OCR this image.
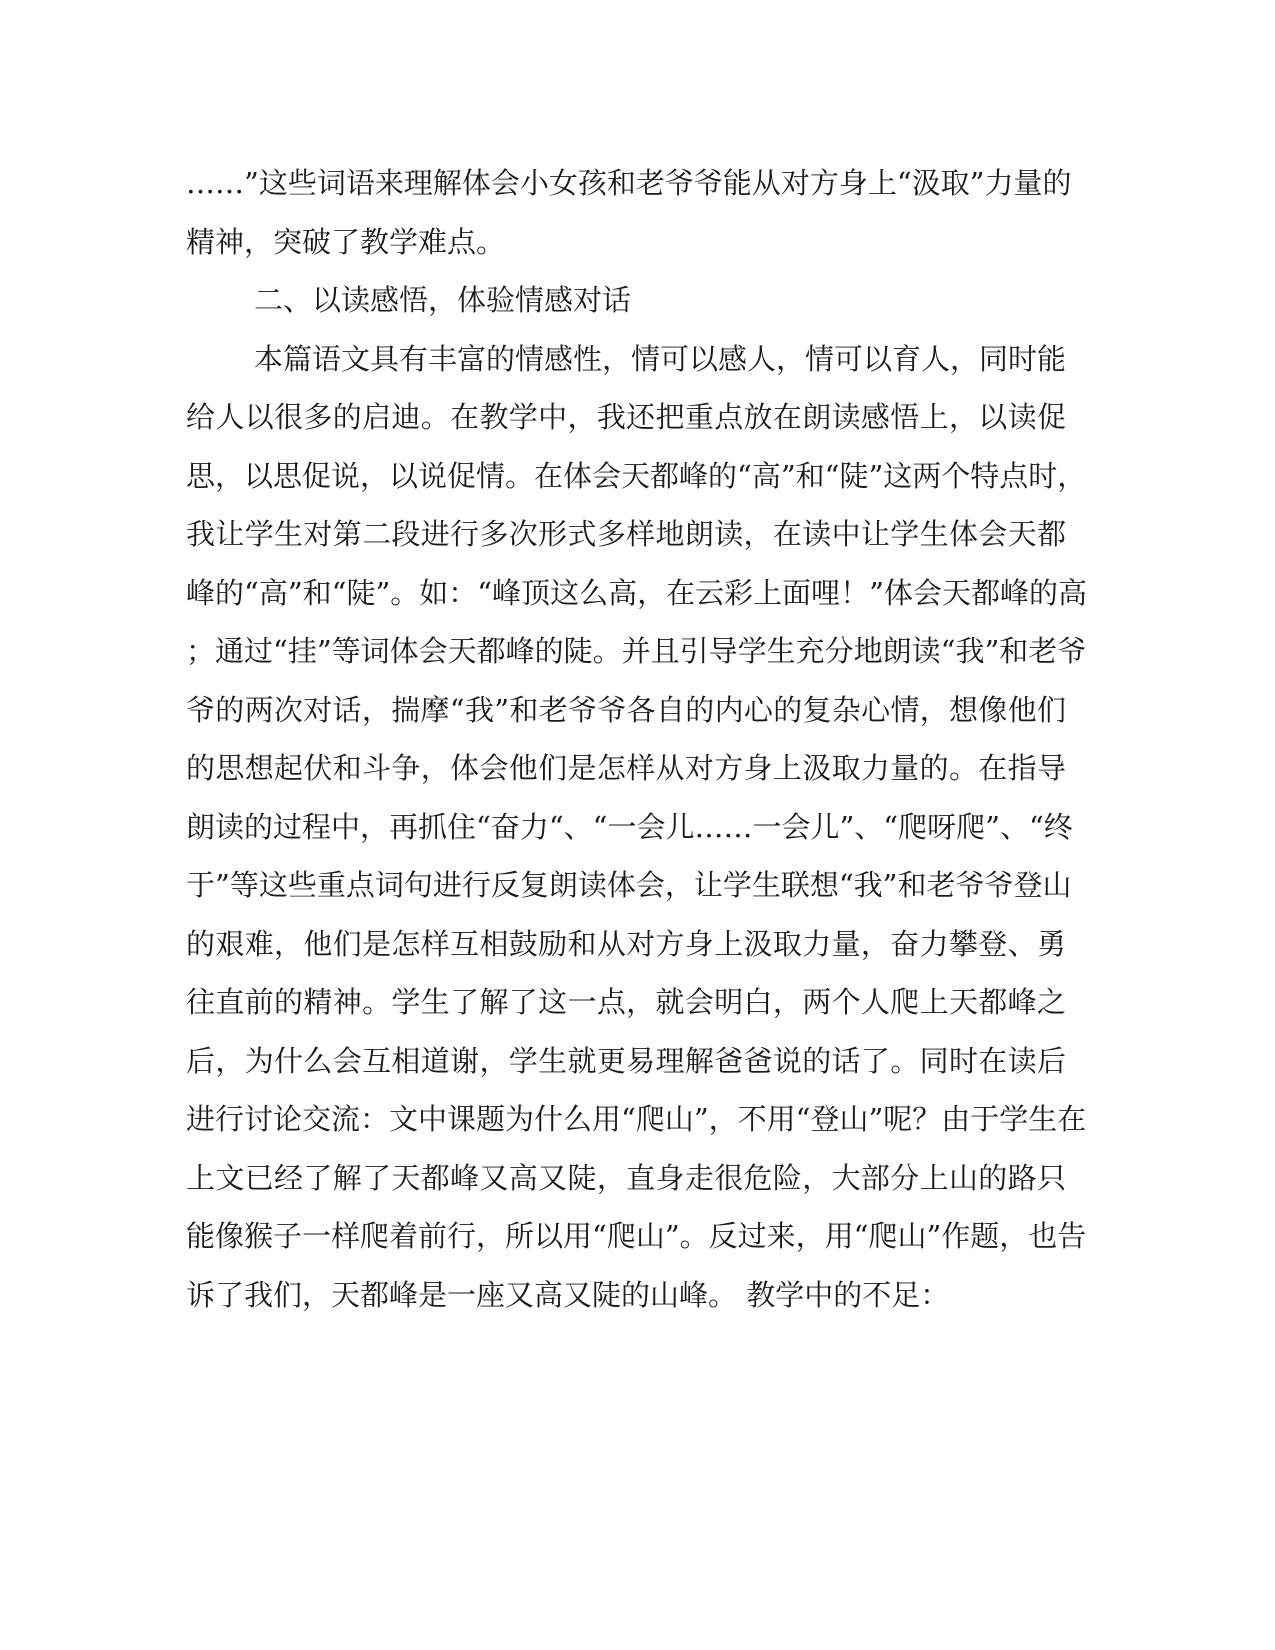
……”这些词语来理解体会小女孩和老爷爷能从对方身上“汲取”力量的
精神，突破了教学难点。
二、以读感悟，体验情感对话
本篇语文具有丰富的情感性，情可以感人，情可以育人，同时能
给人以很多的启迪。在教学中，我还把重点放在朗读感悟上，以读促
思，以思促说，以说促情。在体会天都峰的“高”和“陡”这两个特点时，
我让学生对第二段进行多次形式多样地朗读，在读中让学生体会天都
峰的“高”和“陡”。如：“峰顶这么高，在云彩上面哩！”体会天都峰的高
；通过“挂”等词体会天都峰的陡。并且引导学生充分地朗读“我”和老爷
爷的两次对话，揣摩“我”和老爷爷各自的内心的复杂心情，想像他们
的思想起伏和斗争，体会他们是怎样从对方身上汲取力量的。在指导
朗读的过程中，再抓住“奋力“、“一会儿……一会儿”、“爬呀爬”、“终
于”等这些重点词句进行反复朗读体会，让学生联想“我”和老爷爷登山
的艰难，他们是怎样互相鼓励和从对方身上汲取力量，奋力攀登、勇
往直前的精神。学生了解了这一点，就会明白，两个人爬上天都峰之
后，为什么会互相道谢，学生就更易理解爸爸说的话了。同时在读后
进行讨论交流：文中课题为什么用“爬山”，不用“登山”呢？由于学生在
上文已经了解了天都峰又高又陡，直身走很危险，大部分上山的路只
能像猴子一样爬着前行，所以用“爬山”。反过来，用“爬山”作题，也告
诉了我们，天都峰是一座又高又陡的山峰。 教学中的不足：
